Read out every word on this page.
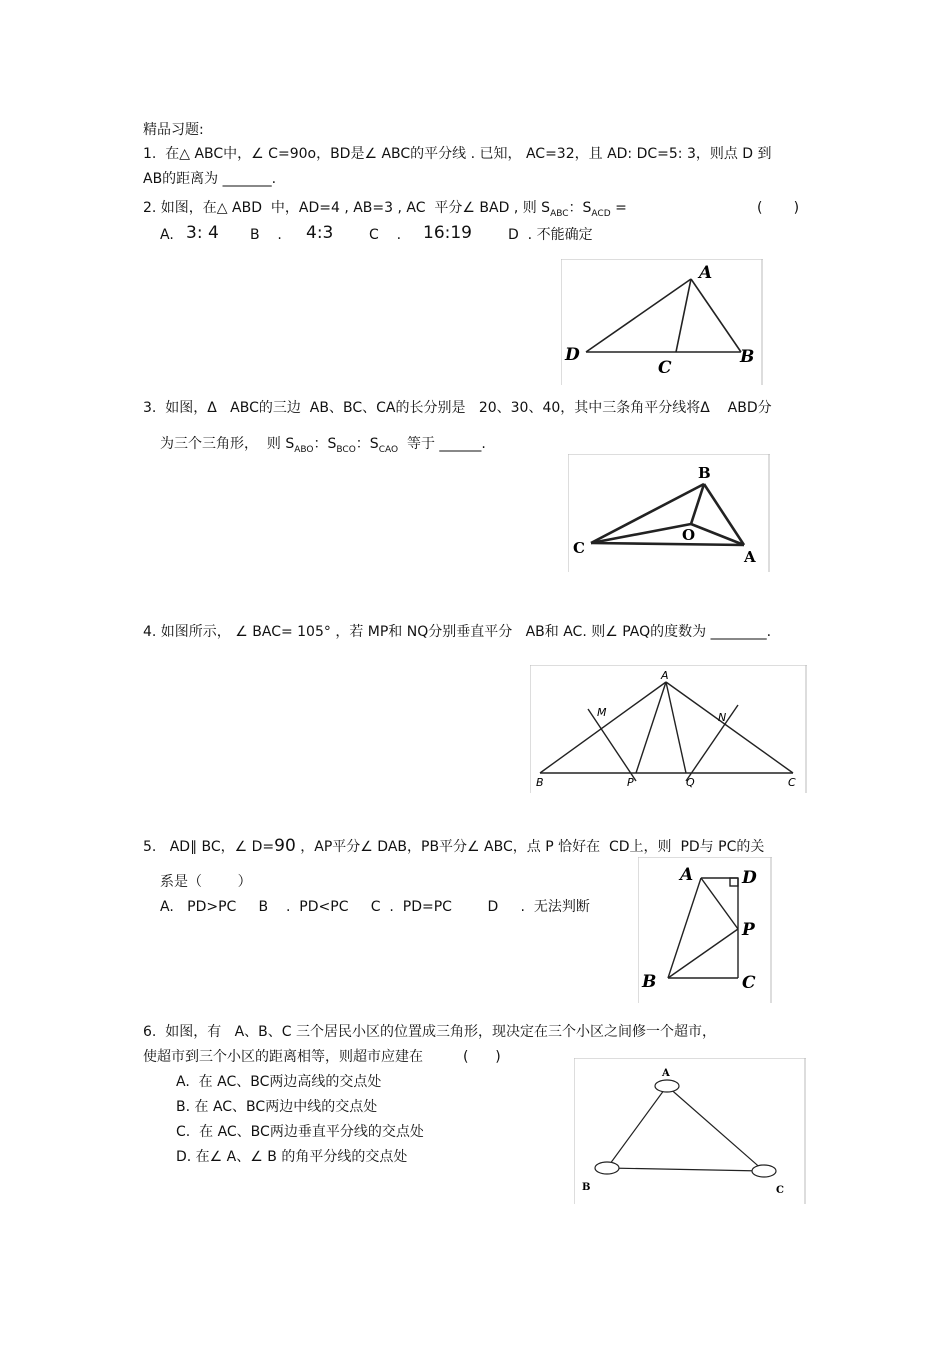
精品习题:
1.  在△ ABC中，∠ C=90o，BD是∠ ABC的平分线 . 已知， AC=32，且 AD: DC=5: 3，则点 D 到
AB的距离为 _______.
2. 如图，在△ ABD  中，AD=4 , AB=3 , AC  平分∠ BAD , 则 $S_{ABC}$：$S_{ACD}$ =	(       )
A. 3: 4 B    . 4:3	C    . 16:19	D  . 不能确定
A
D
C
B
3.  如图，Δ   ABC的三边  AB、BC、CA的长分别是   20、30、40，其中三条角平分线将Δ    ABD分
为三个三角形，  则 $S_{ABO}$：$S_{BCO}$：$S_{CAO}$  等于 ______.
B
C
O
A
4. 如图所示， ∠ BAC= 105° ，若 MP和 NQ分别垂直平分   AB和 AC. 则∠ PAQ的度数为 ________.
A
M	N
B	P	Q	C
5.   AD∥ BC，∠ D=90 ，AP平分∠ DAB，PB平分∠ ABC，点 P 恰好在  CD上，则  PD与 PC的关
系是（        ）
A.   PD>PC     B    .  PD<PC     C  .  PD=PC        D     .  无法判断
A	D
P
B	C
6.  如图，有   A、B、C 三个居民小区的位置成三角形，现决定在三个小区之间修一个超市，
使超市到三个小区的距离相等，则超市应建在         (      )
A.  在 AC、BC两边高线的交点处
B. 在 AC、BC两边中线的交点处
C.  在 AC、BC两边垂直平分线的交点处
D. 在∠ A、∠ B 的角平分线的交点处
A
B	C
